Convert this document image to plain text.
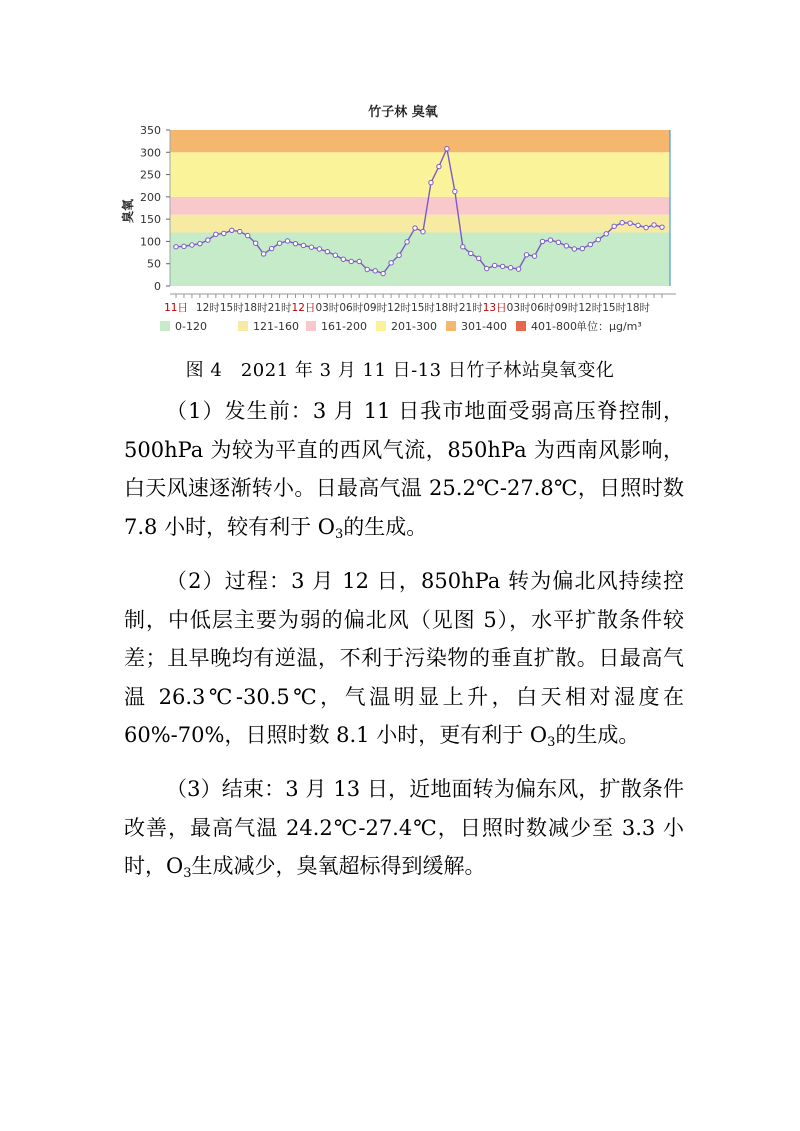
竹子林 臭氧
0
50
100
150
200
250
300
350
臭氧
11日 12时 15时 18时 21时 12日 03时 06时 09时 12时 15时 18时 21时 13日 03时 06时 09时 12时 15时 18时
0-120	121-160 161-200 201-300 301-400 401-800 单位：μg/m³
图 4　2021 年 3 月 11 日-13 日竹子林站臭氧变化
（1）发生前：3 月 11 日我市地面受弱高压脊控制，500hPa 为较为平直的西风气流，850hPa 为西南风影响，白天风速逐渐转小。日最高气温 25.2℃-27.8℃，日照时数 7.8 小时，较有利于 $O_3$的生成。
（2）过程：3 月 12 日，850hPa 转为偏北风持续控制，中低层主要为弱的偏北风（见图 5），水平扩散条件较差；且早晚均有逆温，不利于污染物的垂直扩散。日最高气温 26.3℃-30.5℃，气温明显上升，白天相对湿度在 60%-70%，日照时数 8.1 小时，更有利于 $O_3$的生成。
（3）结束：3 月 13 日，近地面转为偏东风，扩散条件改善，最高气温 24.2℃-27.4℃，日照时数减少至 3.3 小时，$O_3$生成减少，臭氧超标得到缓解。
